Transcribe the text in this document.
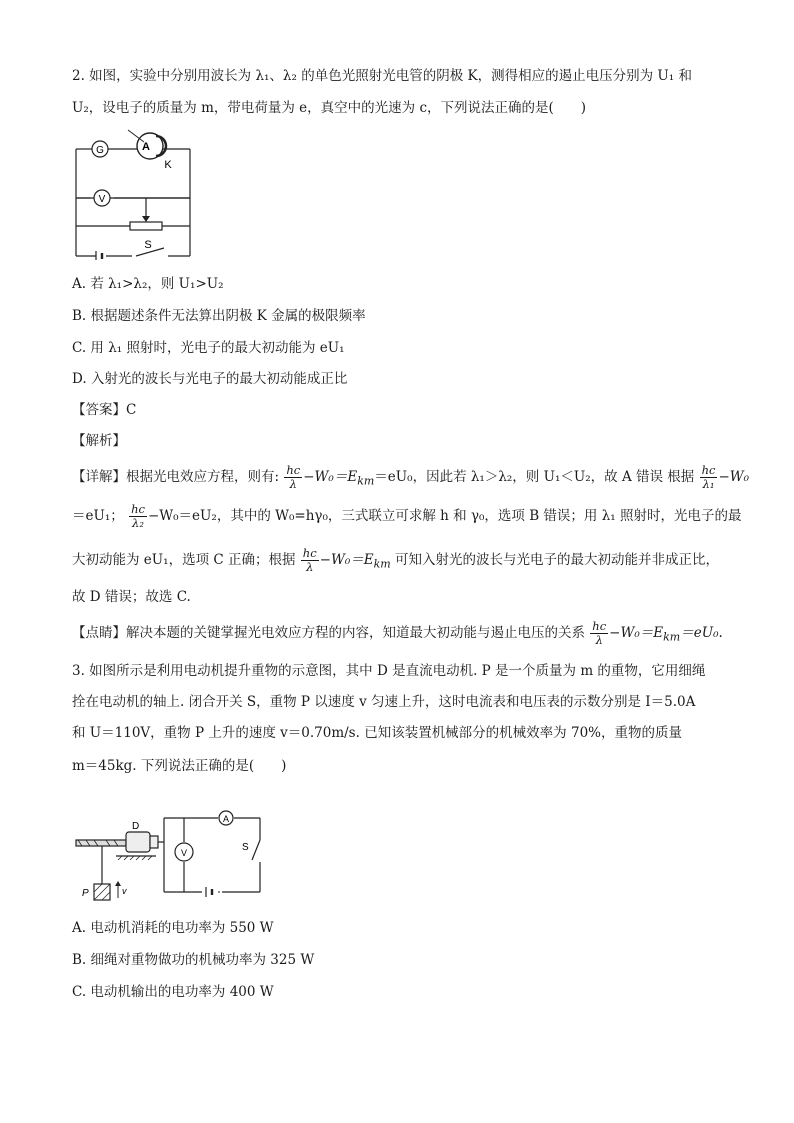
2. 如图，实验中分别用波长为 λ₁、λ₂ 的单色光照射光电管的阴极 K，测得相应的遏止电压分别为 U₁ 和
U₂，设电子的质量为 m，带电荷量为 e，真空中的光速为 c，下列说法正确的是(　　)
G	A
K
V
S
A. 若 λ₁>λ₂，则 U₁>U₂
B. 根据题述条件无法算出阴极 K 金属的极限频率
C. 用 λ₁ 照射时，光电子的最大初动能为 eU₁
D. 入射光的波长与光电子的最大初动能成正比
【答案】C
【解析】
【详解】根据光电效应方程，则有: $\frac{hc}{\lambda} -W_0=E_{km}=eU_0$，因此若 λ₁＞λ₂，则 U₁＜U₂，故 A 错误 根据 $\frac{hc}{\text{λ₁}} -W_0$
＝eU₁； $\frac{hc}{\text{λ₂}} -W_0=eU_2$，其中的 W₀=hγ₀，三式联立可求解 h 和 γ₀，选项 B 错误；用 λ₁ 照射时，光电子的最
大初动能为 eU₁，选项 C 正确；根据 $\frac{hc}{\lambda} -W_0=E_{km}$ 可知入射光的波长与光电子的最大初动能并非成正比，
故 D 错误；故选 C.
【点睛】解决本题的关键掌握光电效应方程的内容，知道最大初动能与遏止电压的关系 $\frac{hc}{\lambda} -W_0=E_{km}=eU_0$.
3. 如图所示是利用电动机提升重物的示意图，其中 D 是直流电动机. P 是一个质量为 m 的重物，它用细绳
拴在电动机的轴上. 闭合开关 S，重物 P 以速度 v 匀速上升，这时电流表和电压表的示数分别是 I＝5.0A
和 U＝110V，重物 P 上升的速度 v＝0.70m/s. 已知该装置机械部分的机械效率为 70%，重物的质量
m＝45kg. 下列说法正确的是(　　)
D
A
V	S
P	v
A. 电动机消耗的电功率为 550 W
B. 细绳对重物做功的机械功率为 325 W
C. 电动机输出的电功率为 400 W
